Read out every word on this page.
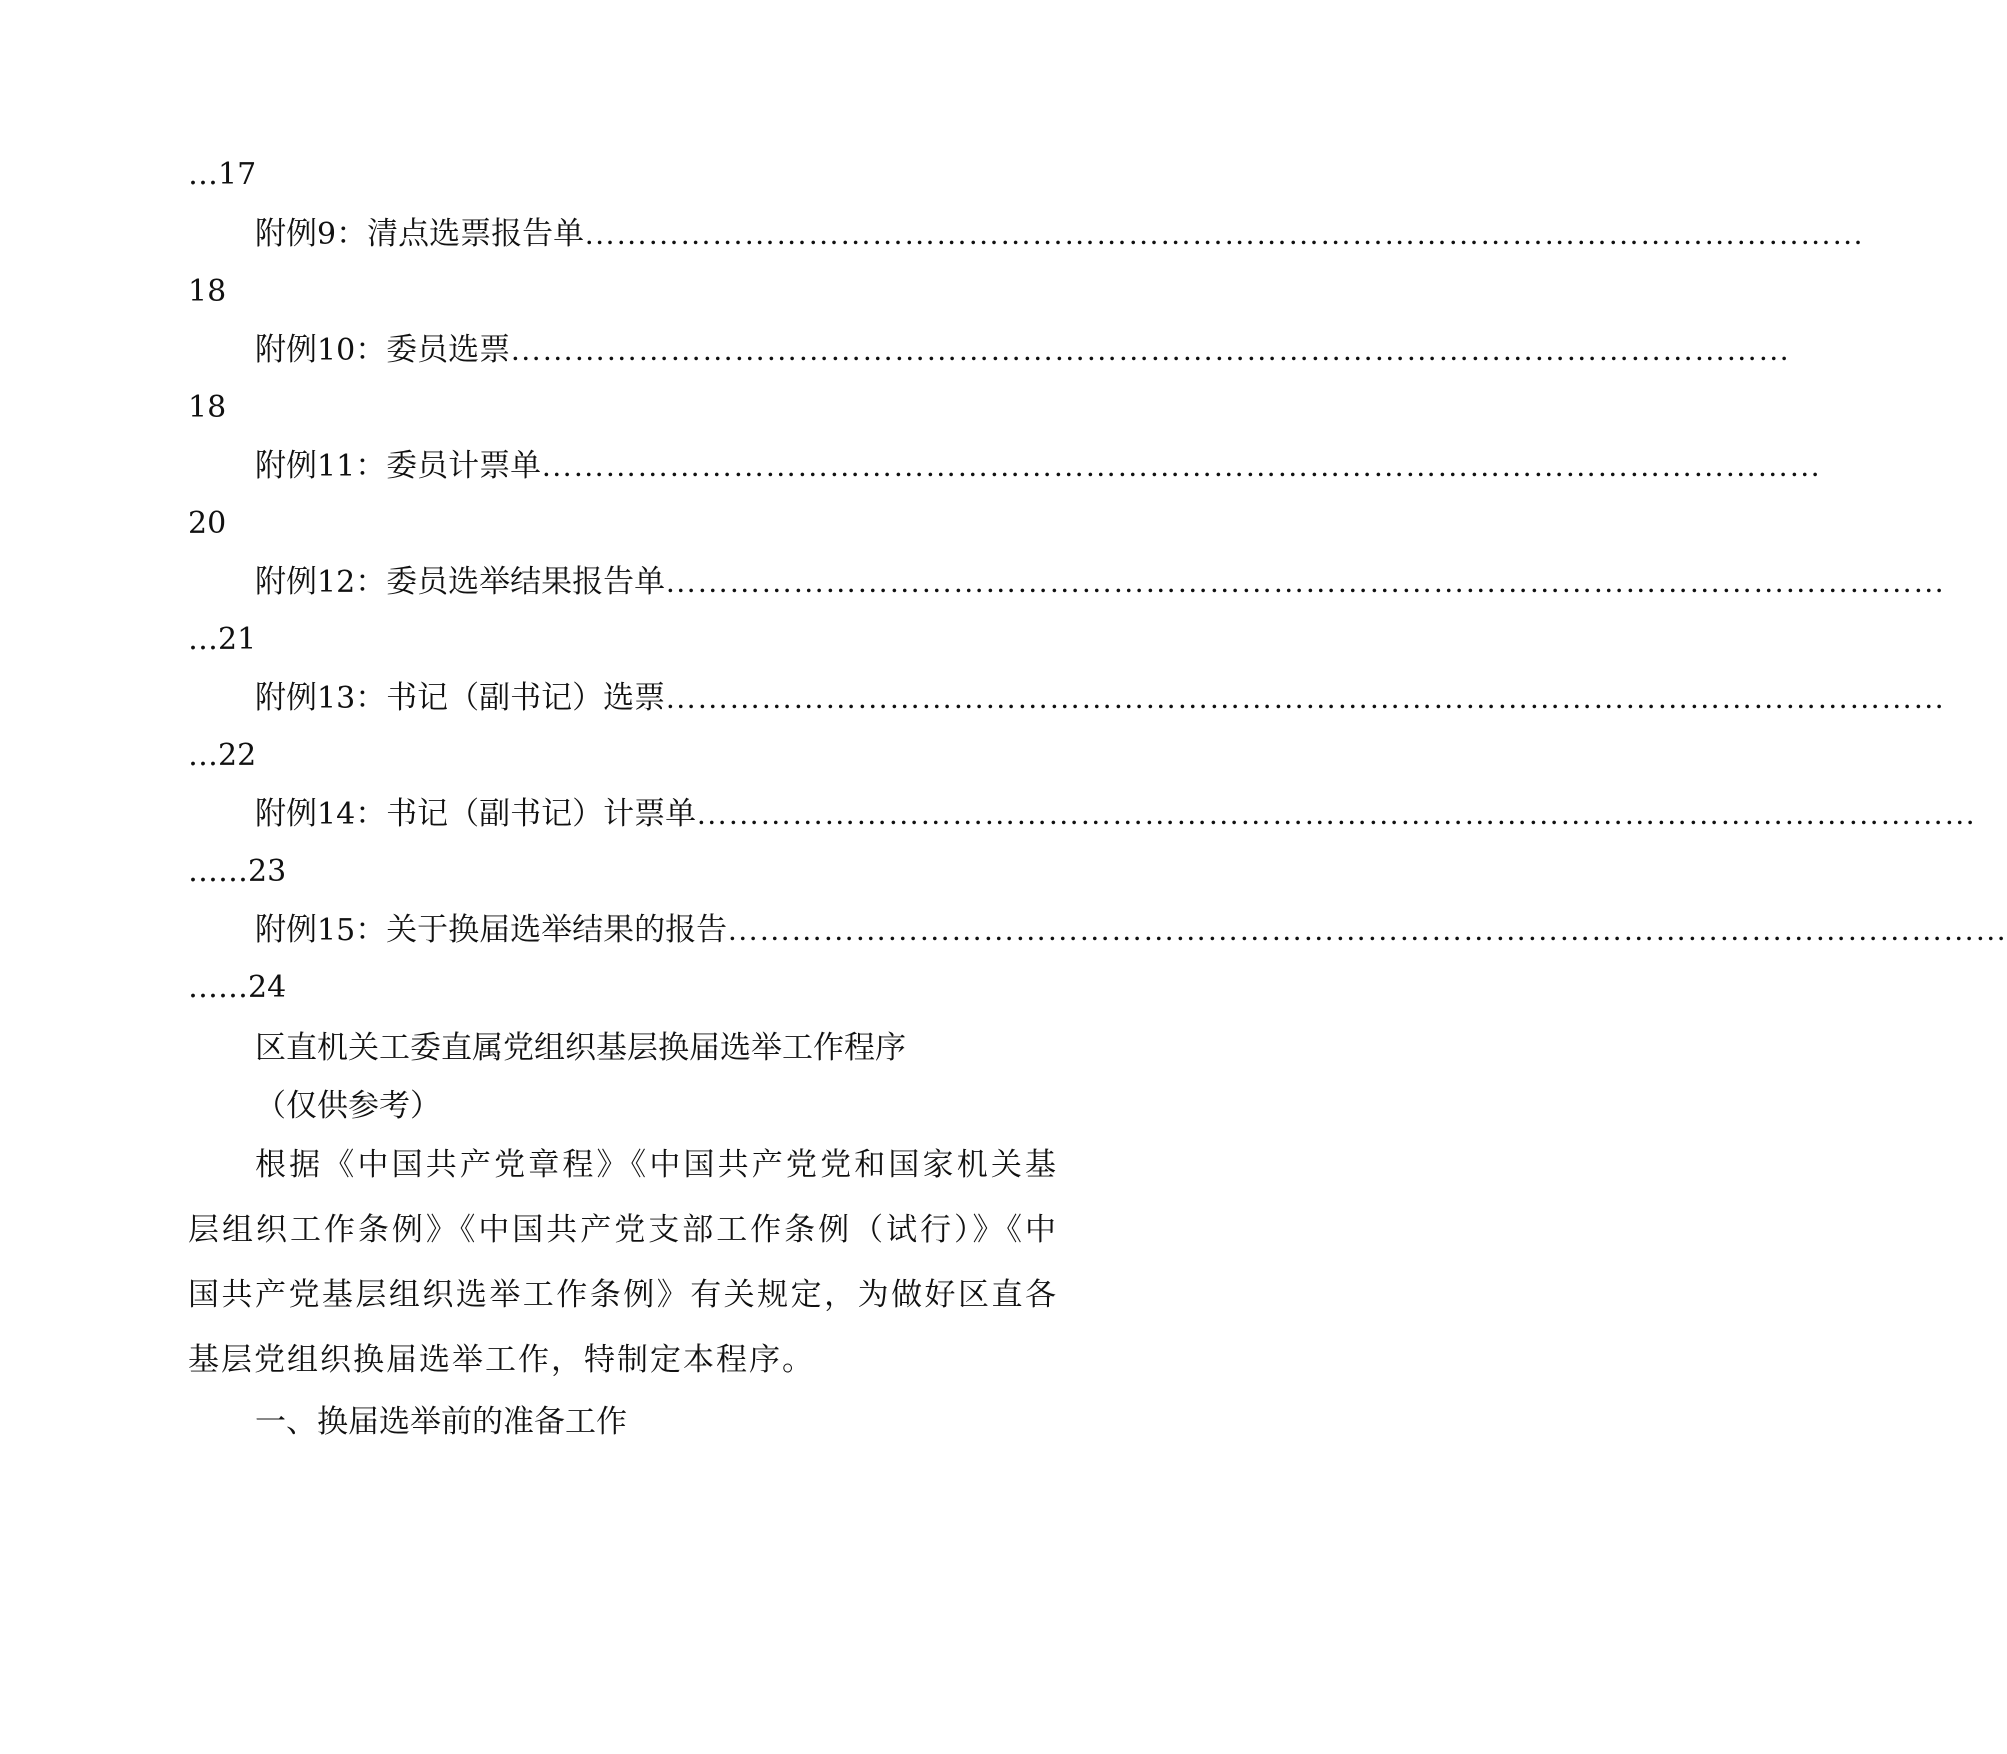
…17
附例 9 ：清点选票报告单 …………………………………………………………………………………………………………
18
附例 10 ：委员选票 …………………………………………………………………………………………………………
18
附例 11 ：委员计票单 …………………………………………………………………………………………………………
20
附例 12 ：委员选举结果报告单 …………………………………………………………………………………………………………
…21
附例 13 ：书记（副书记）选票 …………………………………………………………………………………………………………
…22
附例 14 ：书记（副书记）计票单 …………………………………………………………………………………………………………
……23
附例 15 ：关于换届选举结果的报告 …………………………………………………………………………………………………………
……24
区直机关工委直属党组织基层换届选举工作程序
（仅供参考）
根据《中国共产党章程》《中国共产党党和国家机关基层组织工作条例》《中国共产党支部工作条例（试行）》《中国共产党基层组织选举工作条例》有关规定，为做好区直各基层党组织换届选举工作，特制定本程序。
一、换届选举前的准备工作
